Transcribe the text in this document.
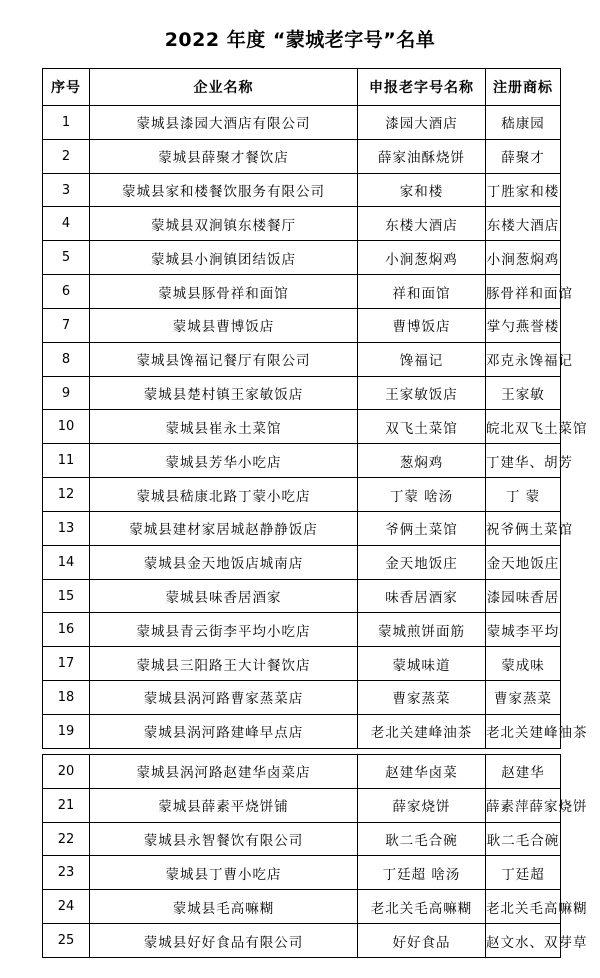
2022 年度 “蒙城老字号”名单
序号	企业名称	申报老字号名称	注册商标
1	蒙城县漆园大酒店有限公司	漆园大酒店	嵇康园
2	蒙城县薛聚才餐饮店	薛家油酥烧饼	薛聚才
3	蒙城县家和楼餐饮服务有限公司	家和楼	丁胜家和楼
4	蒙城县双涧镇东楼餐厅	东楼大酒店	东楼大酒店
5	蒙城县小涧镇团结饭店	小涧葱焖鸡	小涧葱焖鸡
6	蒙城县豚骨祥和面馆	祥和面馆	豚骨祥和面馆
7	蒙城县曹博饭店	曹博饭店	掌勺燕誉楼
8	蒙城县馋福记餐厅有限公司	馋福记	邓克永馋福记
9	蒙城县楚村镇王家敏饭店	王家敏饭店	王家敏
10	蒙城县崔永土菜馆	双飞土菜馆	皖北双飞土菜馆
11	蒙城县芳华小吃店	葱焖鸡	丁建华、胡芳
12	蒙城县嵇康北路丁蒙小吃店	丁蒙 啥汤	丁 蒙
13	蒙城县建材家居城赵静静饭店	爷俩土菜馆	祝爷俩土菜馆
14	蒙城县金天地饭店城南店	金天地饭庄	金天地饭庄
15	蒙城县味香居酒家	味香居酒家	漆园味香居
16	蒙城县青云街李平均小吃店	蒙城煎饼面筋	蒙城李平均
17	蒙城县三阳路王大计餐饮店	蒙城味道	蒙成味
18	蒙城县涡河路曹家蒸菜店	曹家蒸菜	曹家蒸菜
19	蒙城县涡河路建峰早点店	老北关建峰油茶	老北关建峰油茶
20	蒙城县涡河路赵建华卤菜店	赵建华卤菜	赵建华
21	蒙城县薛素平烧饼铺	薛家烧饼	薛素萍薛家烧饼
22	蒙城县永智餐饮有限公司	耿二毛合碗	耿二毛合碗
23	蒙城县丁曹小吃店	丁廷超 啥汤	丁廷超
24	蒙城县毛高嘛糊	老北关毛高嘛糊	老北关毛高嘛糊
25	蒙城县好好食品有限公司	好好食品	赵文水、双芽草
